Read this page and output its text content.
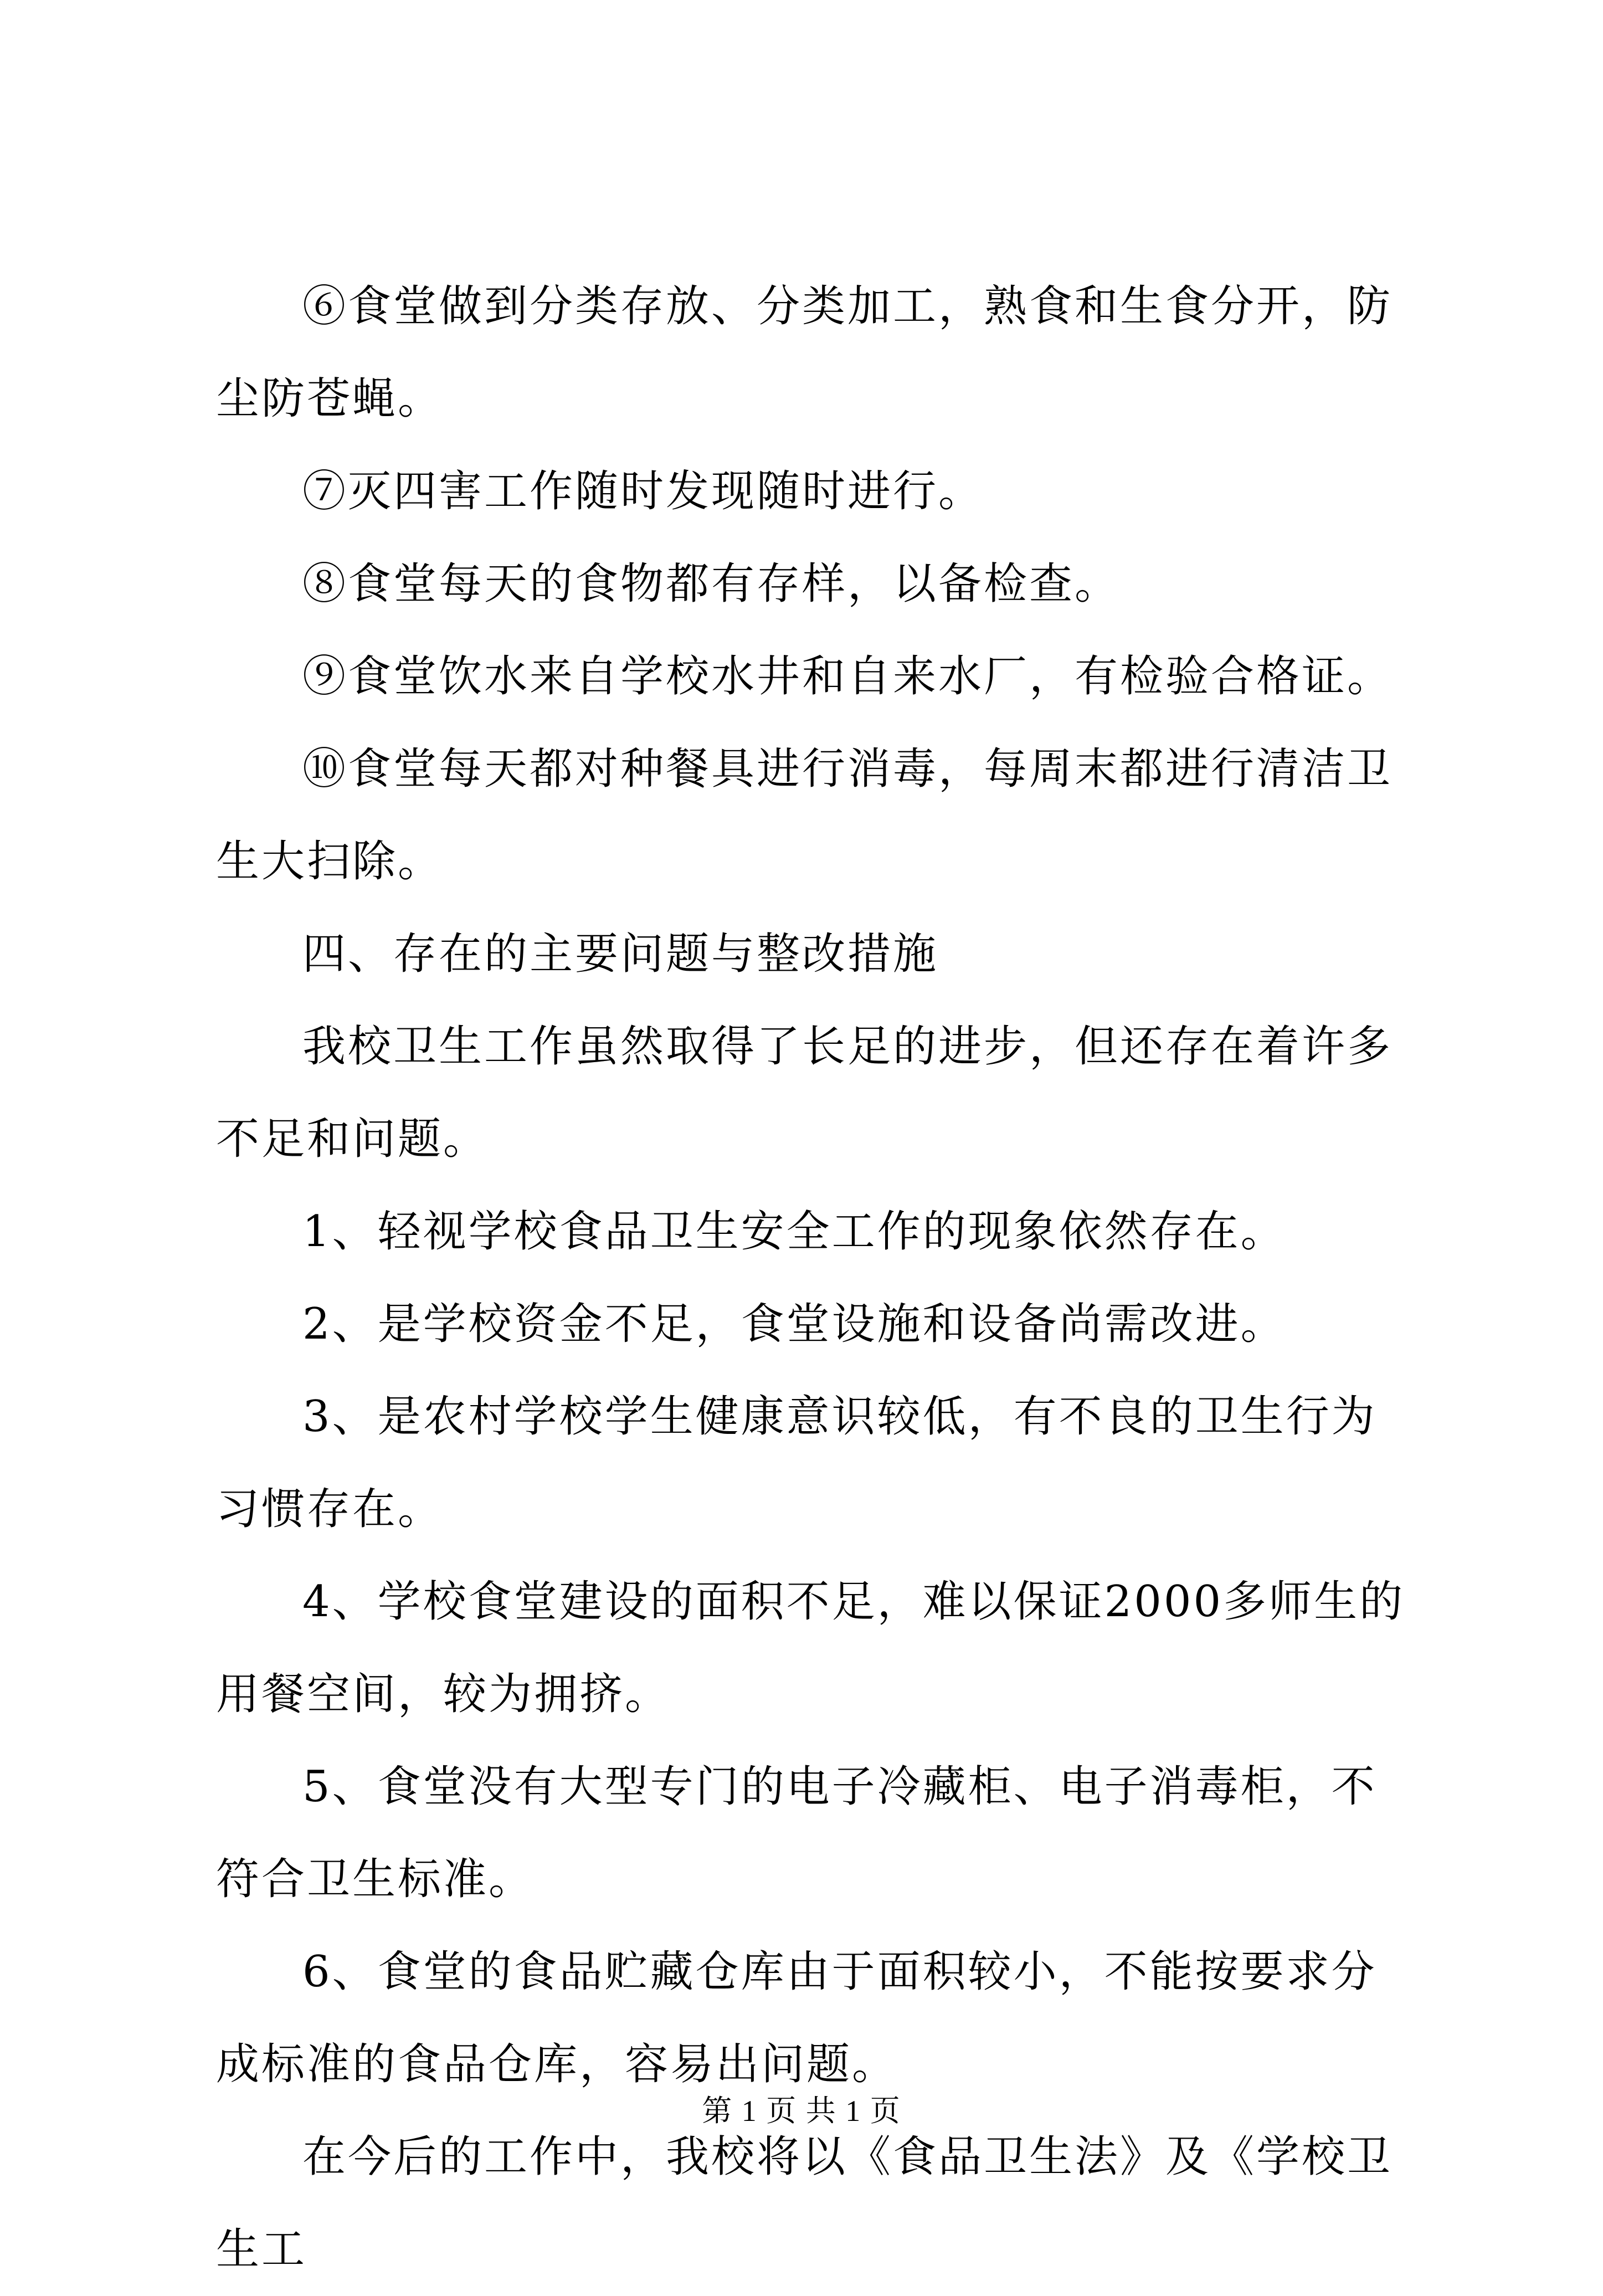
⑥食堂做到分类存放、分类加工，熟食和生食分开，防尘防苍蝇。

⑦灭四害工作随时发现随时进行。

⑧食堂每天的食物都有存样，以备检查。

⑨食堂饮水来自学校水井和自来水厂，有检验合格证。

⑩食堂每天都对种餐具进行消毒，每周末都进行清洁卫生大扫除。

四、存在的主要问题与整改措施

我校卫生工作虽然取得了长足的进步，但还存在着许多不足和问题。

1、轻视学校食品卫生安全工作的现象依然存在。

2、是学校资金不足，食堂设施和设备尚需改进。

3、是农村学校学生健康意识较低，有不良的卫生行为习惯存在。

4、学校食堂建设的面积不足，难以保证2000多师生的用餐空间，较为拥挤。

5、食堂没有大型专门的电子冷藏柜、电子消毒柜，不符合卫生标准。

6、食堂的食品贮藏仓库由于面积较小，不能按要求分成标准的食品仓库，容易出问题。

在今后的工作中，我校将以《食品卫生法》及《学校卫生工

第 1 页 共 1 页
